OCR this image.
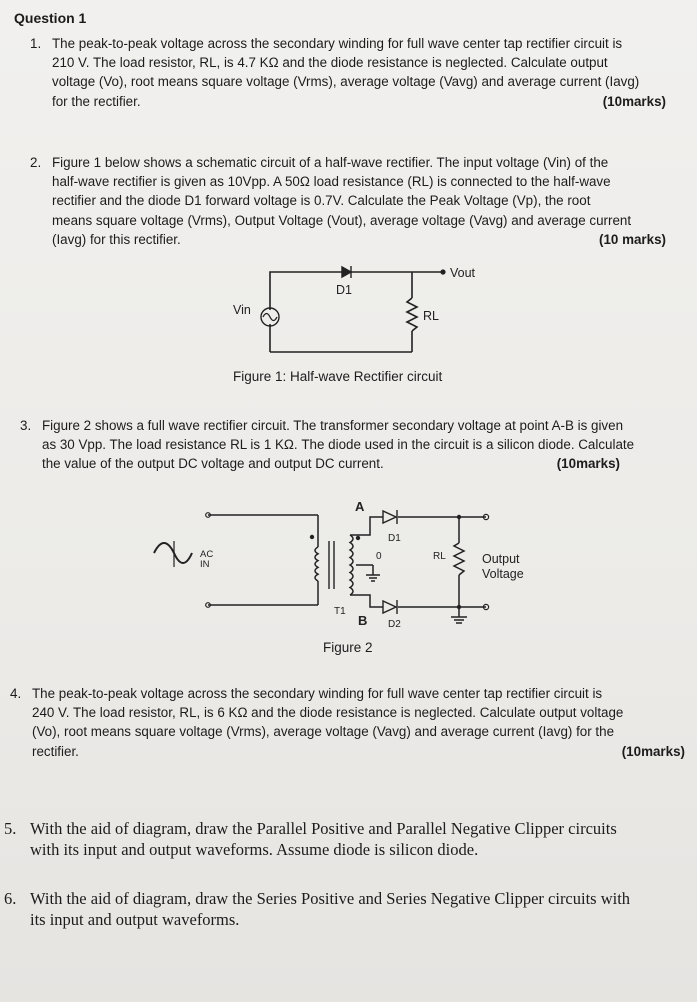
Question 1
1. The peak-to-peak voltage across the secondary winding for full wave center tap rectifier circuit is
210 V. The load resistor, RL, is 4.7 KΩ and the diode resistance is neglected. Calculate output
voltage (Vo), root means square voltage (Vrms), average voltage (Vavg) and average current (Iavg)
for the rectifier.	(10marks)
2. Figure 1 below shows a schematic circuit of a half-wave rectifier. The input voltage (Vin) of the
half-wave rectifier is given as 10Vpp. A 50Ω load resistance (RL) is connected to the half-wave
rectifier and the diode D1 forward voltage is 0.7V. Calculate the Peak Voltage (Vp), the root
means square voltage (Vrms), Output Voltage (Vout), average voltage (Vavg) and average current
(Iavg) for this rectifier.	(10 marks)
Vout
D1
Vin	RL
Figure 1: Half-wave Rectifier circuit
3. Figure 2 shows a full wave rectifier circuit. The transformer secondary voltage at point A-B is given
as 30 Vpp. The load resistance RL is 1 KΩ. The diode used in the circuit is a silicon diode. Calculate
the value of the output DC voltage and output DC current.	(10marks)
A
B
D1
D2
T1
AC
IN
0	RL	Output
Voltage
Figure 2
4. The peak-to-peak voltage across the secondary winding for full wave center tap rectifier circuit is
240 V. The load resistor, RL, is 6 KΩ and the diode resistance is neglected. Calculate output voltage
(Vo), root means square voltage (Vrms), average voltage (Vavg) and average current (Iavg) for the
rectifier.	(10marks)
5. With the aid of diagram, draw the Parallel Positive and Parallel Negative Clipper circuits
with its input and output waveforms. Assume diode is silicon diode.
6. With the aid of diagram, draw the Series Positive and Series Negative Clipper circuits with
its input and output waveforms.
